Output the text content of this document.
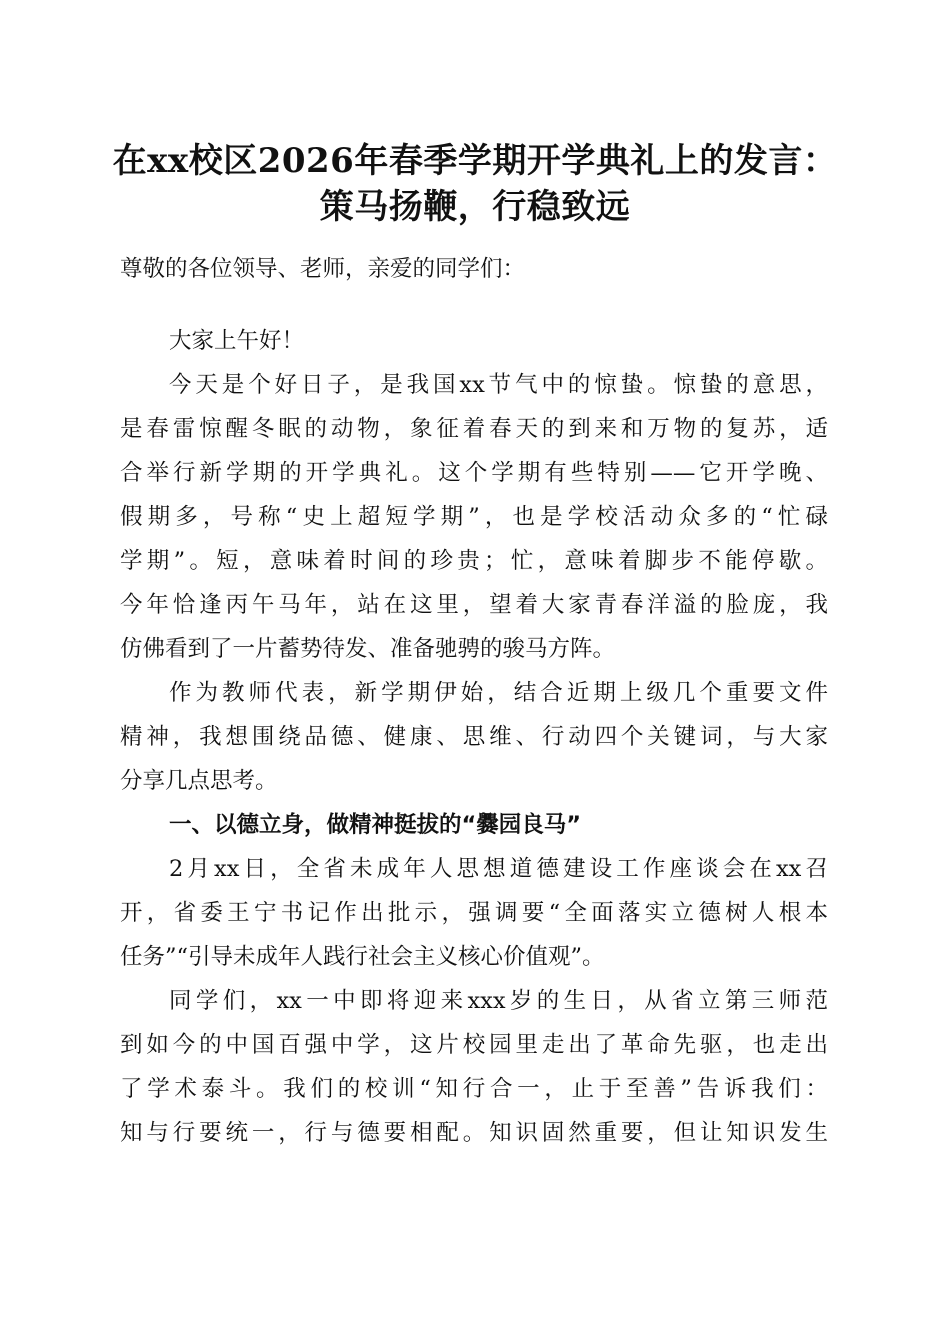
在xx校区2026年春季学期开学典礼上的发言：
策马扬鞭，行稳致远
尊敬的各位领导、老师，亲爱的同学们：
大家上午好！
今天是个好日子，是我国xx节气中的惊蛰。惊蛰的意思，
是春雷惊醒冬眠的动物，象征着春天的到来和万物的复苏，适
合举行新学期的开学典礼。这个学期有些特别——它开学晚、
假期多，号称“史上超短学期”，也是学校活动众多的“忙碌
学期”。短，意味着时间的珍贵；忙，意味着脚步不能停歇。
今年恰逢丙午马年，站在这里，望着大家青春洋溢的脸庞，我
仿佛看到了一片蓄势待发、准备驰骋的骏马方阵。
作为教师代表，新学期伊始，结合近期上级几个重要文件
精神，我想围绕品德、健康、思维、行动四个关键词，与大家
分享几点思考。
一、以德立身，做精神挺拔的“爨园良马”
2月xx日，全省未成年人思想道德建设工作座谈会在xx召
开，省委王宁书记作出批示，强调要“全面落实立德树人根本
任务”“引导未成年人践行社会主义核心价值观”。
同学们，xx一中即将迎来xxx岁的生日，从省立第三师范
到如今的中国百强中学，这片校园里走出了革命先驱，也走出
了学术泰斗。我们的校训“知行合一，止于至善”告诉我们：
知与行要统一，行与德要相配。知识固然重要，但让知识发生
